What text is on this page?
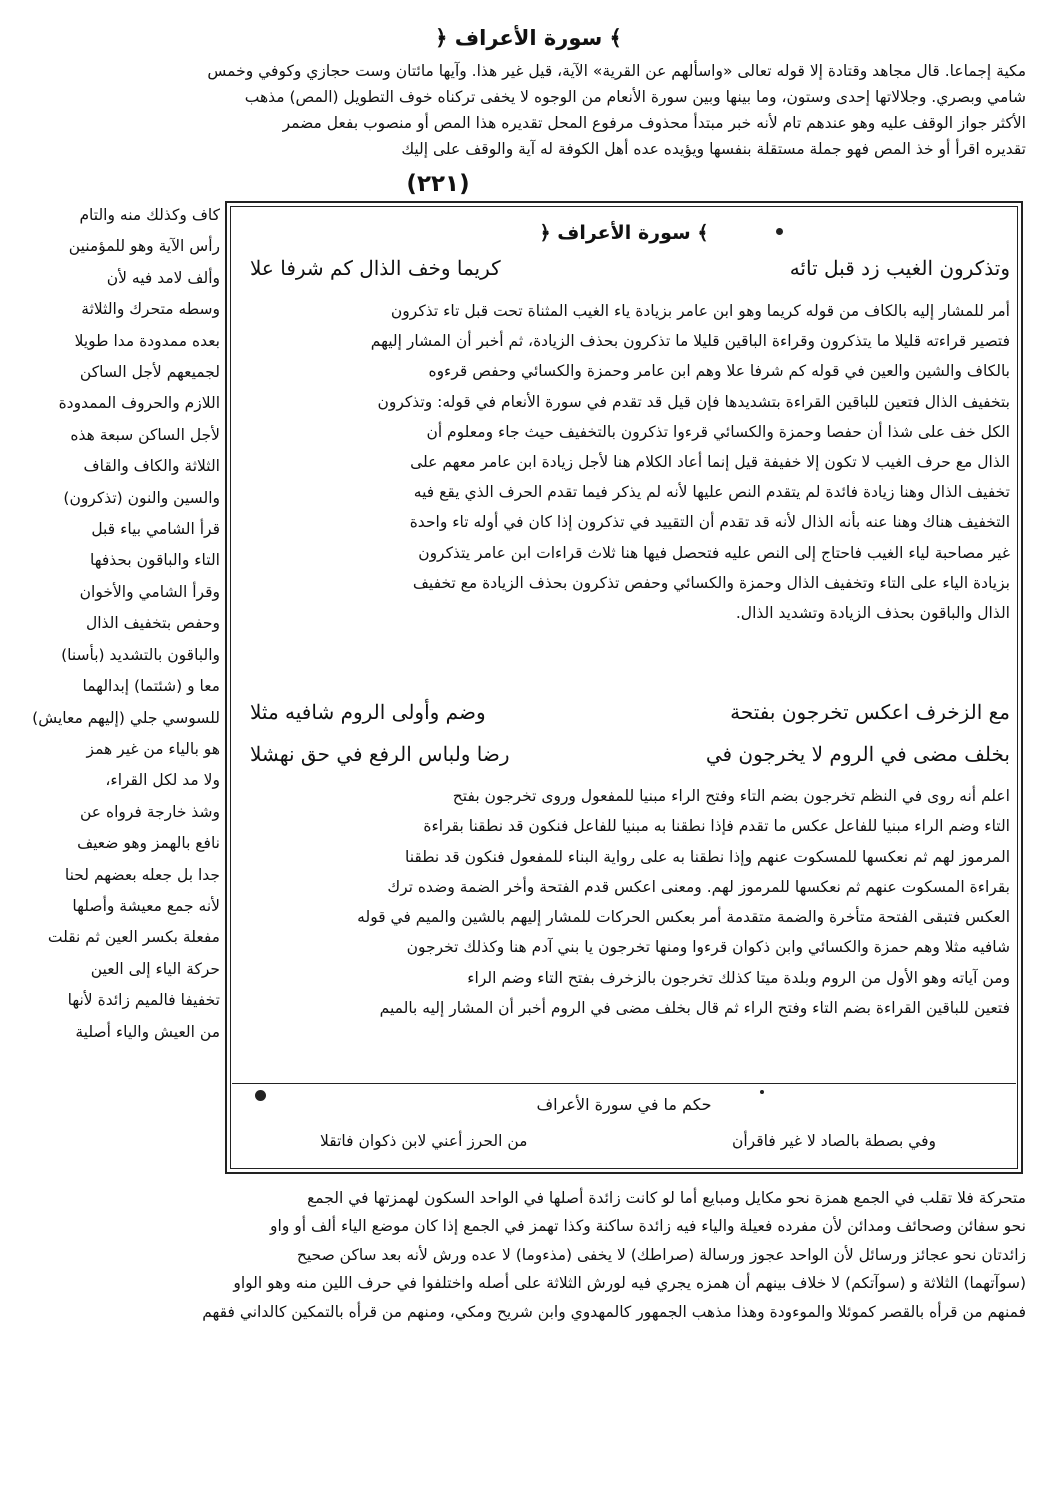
﴿ سورة الأعراف ﴾

مكية إجماعا. قال مجاهد وقتادة إلا قوله تعالى «واسألهم عن القرية» الآية، قيل غير هذا. وآيها مائتان وست حجازي وكوفي وخمس

شامي وبصري. وجلالاتها إحدى وستون، وما بينها وبين سورة الأنعام من الوجوه لا يخفى تركناه خوف التطويل (المص) مذهب

الأكثر جواز الوقف عليه وهو عندهم تام لأنه خبر مبتدأ محذوف مرفوع المحل تقديره هذا المص أو منصوب بفعل مضمر

تقديره اقرأ أو خذ المص فهو جملة مستقلة بنفسها ويؤيده عده أهل الكوفة له آية والوقف على إليك

(٢٢١)

كاف وكذلك منه والتام

رأس الآية وهو للمؤمنين

وألف لامد فيه لأن

وسطه متحرك والثلاثة

بعده ممدودة مدا طويلا

لجميعهم لأجل الساكن

اللازم والحروف الممدودة

لأجل الساكن سبعة هذه

الثلاثة والكاف والقاف

والسين والنون (تذكرون)

قرأ الشامي بياء قبل

التاء والباقون بحذفها

وقرأ الشامي والأخوان

وحفص بتخفيف الذال

والباقون بالتشديد (بأسنا)

معا و (شئتما) إبدالهما

للسوسي جلي (إليهم معايش)

هو بالياء من غير همز

ولا مد لكل القراء،

وشذ خارجة فرواه عن

نافع بالهمز وهو ضعيف

جدا بل جعله بعضهم لحنا

لأنه جمع معيشة وأصلها

مفعلة بكسر العين ثم نقلت

حركة الياء إلى العين

تخفيفا فالميم زائدة لأنها

من العيش والياء أصلية

﴿ سورة الأعراف ﴾
وتذكرون الغيب زد قبل تائه
كريما وخف الذال كم شرفا علا

أمر للمشار إليه بالكاف من قوله كريما وهو ابن عامر بزيادة ياء الغيب المثناة تحت قبل تاء تذكرون

فتصير قراءته قليلا ما يتذكرون وقراءة الباقين قليلا ما تذكرون بحذف الزيادة، ثم أخبر أن المشار إليهم

بالكاف والشين والعين في قوله كم شرفا علا وهم ابن عامر وحمزة والكسائي وحفص قرءوه

بتخفيف الذال فتعين للباقين القراءة بتشديدها فإن قيل قد تقدم في سورة الأنعام في قوله: وتذكرون

الكل خف على شذا أن حفصا وحمزة والكسائي قرءوا تذكرون بالتخفيف حيث جاء ومعلوم أن

الذال مع حرف الغيب لا تكون إلا خفيفة قيل إنما أعاد الكلام هنا لأجل زيادة ابن عامر معهم على

تخفيف الذال وهنا زيادة فائدة لم يتقدم النص عليها لأنه لم يذكر فيما تقدم الحرف الذي يقع فيه

التخفيف هناك وهنا عنه بأنه الذال لأنه قد تقدم أن التقييد في تذكرون إذا كان في أوله تاء واحدة

غير مصاحبة لياء الغيب فاحتاج إلى النص عليه فتحصل فيها هنا ثلاث قراءات ابن عامر يتذكرون

بزيادة الياء على التاء وتخفيف الذال وحمزة والكسائي وحفص تذكرون بحذف الزيادة مع تخفيف

الذال والباقون بحذف الزيادة وتشديد الذال.

مع الزخرف اعكس تخرجون بفتحة
وضم وأولى الروم شافيه مثلا
بخلف مضى في الروم لا يخرجون في
رضا ولباس الرفع في حق نهشلا

اعلم أنه روى في النظم تخرجون بضم التاء وفتح الراء مبنيا للمفعول وروى تخرجون بفتح

التاء وضم الراء مبنيا للفاعل عكس ما تقدم فإذا نطقنا به مبنيا للفاعل فنكون قد نطقنا بقراءة

المرموز لهم ثم نعكسها للمسكوت عنهم وإذا نطقنا به على رواية البناء للمفعول فنكون قد نطقنا

بقراءة المسكوت عنهم ثم نعكسها للمرموز لهم. ومعنى اعكس قدم الفتحة وأخر الضمة وضده ترك

العكس فتبقى الفتحة متأخرة والضمة متقدمة أمر بعكس الحركات للمشار إليهم بالشين والميم في قوله

شافيه مثلا وهم حمزة والكسائي وابن ذكوان قرءوا ومنها تخرجون يا بني آدم هنا وكذلك تخرجون

ومن آياته وهو الأول من الروم وبلدة ميتا كذلك تخرجون بالزخرف بفتح التاء وضم الراء

فتعين للباقين القراءة بضم التاء وفتح الراء ثم قال بخلف مضى في الروم أخبر أن المشار إليه بالميم

حكم ما في سورة الأعراف
وفي بصطة بالصاد لا غير فاقرأن
من الحرز أعني لابن ذكوان فاتقلا

متحركة فلا تقلب في الجمع همزة نحو مكايل ومبايع أما لو كانت زائدة أصلها في الواحد السكون لهمزتها في الجمع

نحو سفائن وصحائف ومدائن لأن مفرده فعيلة والياء فيه زائدة ساكنة وكذا تهمز في الجمع إذا كان موضع الياء ألف أو واو

زائدتان نحو عجائز ورسائل لأن الواحد عجوز ورسالة (صراطك) لا يخفى (مذءوما) لا عده ورش لأنه بعد ساكن صحيح

(سوآتهما) الثلاثة و (سوآتكم) لا خلاف بينهم أن همزه يجري فيه لورش الثلاثة على أصله واختلفوا في حرف اللين منه وهو الواو

فمنهم من قرأه بالقصر كموئلا والموءودة وهذا مذهب الجمهور كالمهدوي وابن شريح ومكي، ومنهم من قرأه بالتمكين كالداني فقهم
